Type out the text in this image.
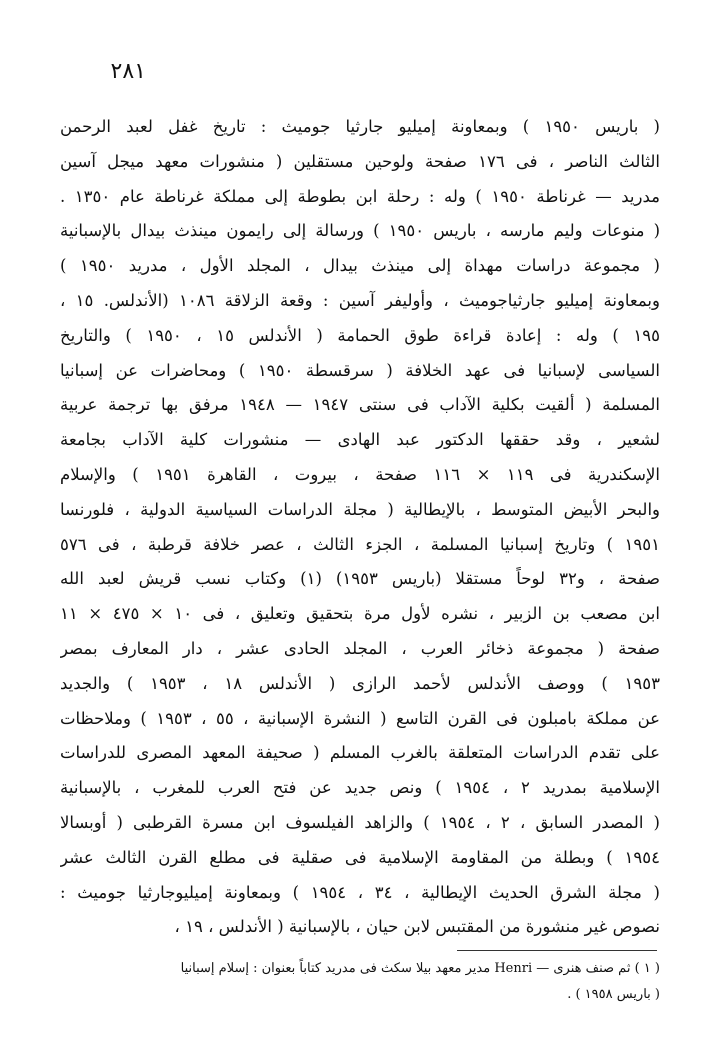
٢٨١
( باريس ١٩٥٠ ) وبمعاونة إميليو جارثيا جوميث : تاريخ غفل لعبد الرحمن
الثالث الناصر ، فى ١٧٦ صفحة ولوحين مستقلين ( منشورات معهد ميجل آسين
مدريد — غرناطة ١٩٥٠ ) وله : رحلة ابن بطوطة إلى مملكة غرناطة عام ١٣٥٠ .
( منوعات وليم مارسه ، باريس ١٩٥٠ ) ورسالة إلى رايمون مينذث بيدال بالإسبانية
( مجموعة دراسات مهداة إلى مينذث بيدال ، المجلد الأول ، مدريد ١٩٥٠ )
وبمعاونة إميليو جارثياجوميث ، وأوليفر آسين : وقعة الزلاقة ١٠٨٦ (الأندلس. ١٥ ،
١٩٥ ) وله : إعادة قراءة طوق الحمامة ( الأندلس ١٥ ، ١٩٥٠ ) والتاريخ
السياسى لإسبانيا فى عهد الخلافة ( سرقسطة ١٩٥٠ ) ومحاضرات عن إسبانيا
المسلمة ( ألقيت بكلية الآداب فى سنتى ١٩٤٧ — ١٩٤٨ مرفق بها ترجمة عربية
لشعير ، وقد حققها الدكتور عبد الهادى — منشورات كلية الآداب بجامعة
الإسكندرية فى ١١٩ × ١١٦ صفحة ، بيروت ، القاهرة ١٩٥١ ) والإسلام
والبحر الأبيض المتوسط ، بالإيطالية ( مجلة الدراسات السياسية الدولية ، فلورنسا
١٩٥١ ) وتاريخ إسبانيا المسلمة ، الجزء الثالث ، عصر خلافة قرطبة ، فى ٥٧٦
صفحة ، و٣٢ لوحاً مستقلا (باريس ١٩٥٣) (١) وكتاب نسب قريش لعبد الله
ابن مصعب بن الزبير ، نشره لأول مرة بتحقيق وتعليق ، فى ١٠ × ٤٧٥ × ١١
صفحة ( مجموعة ذخائر العرب ، المجلد الحادى عشر ، دار المعارف بمصر
١٩٥٣ ) ووصف الأندلس لأحمد الرازى ( الأندلس ١٨ ، ١٩٥٣ ) والجديد
عن مملكة بامبلون فى القرن التاسع ( النشرة الإسبانية ، ٥٥ ، ١٩٥٣ ) وملاحظات
على تقدم الدراسات المتعلقة بالغرب المسلم ( صحيفة المعهد المصرى للدراسات
الإسلامية بمدريد ٢ ، ١٩٥٤ ) ونص جديد عن فتح العرب للمغرب ، بالإسبانية
( المصدر السابق ، ٢ ، ١٩٥٤ ) والزاهد الفيلسوف ابن مسرة القرطبى ( أوبسالا
١٩٥٤ ) وبطلة من المقاومة الإسلامية فى صقلية فى مطلع القرن الثالث عشر
( مجلة الشرق الحديث الإيطالية ، ٣٤ ، ١٩٥٤ ) وبمعاونة إميليوجارثيا جوميث :
نصوص غير منشورة من المقتبس لابن حيان ، بالإسبانية ( الأندلس ، ١٩ ،
( ١ ) ثم صنف هنرى — Henri مدير معهد بيلا سكث فى مدريد كتاباً بعنوان : إسلام إسبانيا
( باريس ١٩٥٨ ) .
